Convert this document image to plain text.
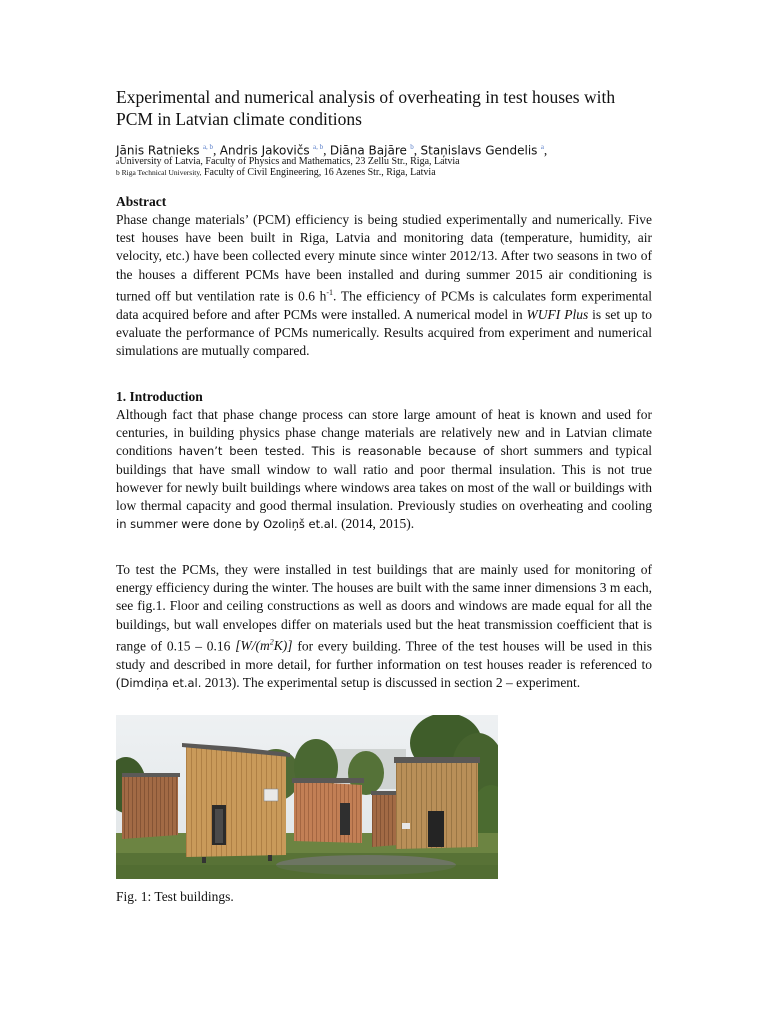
Experimental and numerical analysis of overheating in test houses with PCM in Latvian climate conditions
Jānis Ratnieks $^{a, b}$, Andris Jakovičs $^{a, b}$, Diāna Bajāre $^b$, Staņislavs Gendelis $^a$,
aUniversity of Latvia, Faculty of Physics and Mathematics, 23 Zellu Str., Riga, Latvia
b Riga Technical University, Faculty of Civil Engineering, 16 Azenes Str., Riga, Latvia
Abstract

Phase change materials’ (PCM) efficiency is being studied experimentally and numerically. Five test houses have been built in Riga, Latvia and monitoring data (temperature, humidity, air velocity, etc.) have been collected every minute since winter 2012/13. After two seasons in two of the houses a different PCMs have been installed and during summer 2015 air conditioning is turned off but ventilation rate is 0.6 $h^{-1}$. The efficiency of PCMs is calculates form experimental data acquired before and after PCMs were installed. A numerical model in WUFI Plus is set up to evaluate the performance of PCMs numerically. Results acquired from experiment and numerical simulations are mutually compared.

1. Introduction

Although fact that phase change process can store large amount of heat is known and used for centuries, in building physics phase change materials are relatively new and in Latvian climate conditions haven’t been tested. This is reasonable because of short summers and typical buildings that have small window to wall ratio and poor thermal insulation. This is not true however for newly built buildings where windows area takes on most of the wall or buildings with low thermal capacity and good thermal insulation. Previously studies on overheating and cooling in summer were done by Ozoliņš et.al. (2014, 2015).

To test the PCMs, they were installed in test buildings that are mainly used for monitoring of energy efficiency during the winter. The houses are built with the same inner dimensions 3 m each, see fig.1. Floor and ceiling constructions as well as doors and windows are made equal for all the buildings, but wall envelopes differ on materials used but the heat transmission coefficient that is range of 0.15 – 0.16 $[W/(m^2K)]$ for every building. Three of the test houses will be used in this study and described in more detail, for further information on test houses reader is referenced to (Dimdiņa et.al. 2013). The experimental setup is discussed in section 2 – experiment.

Fig. 1: Test buildings.
